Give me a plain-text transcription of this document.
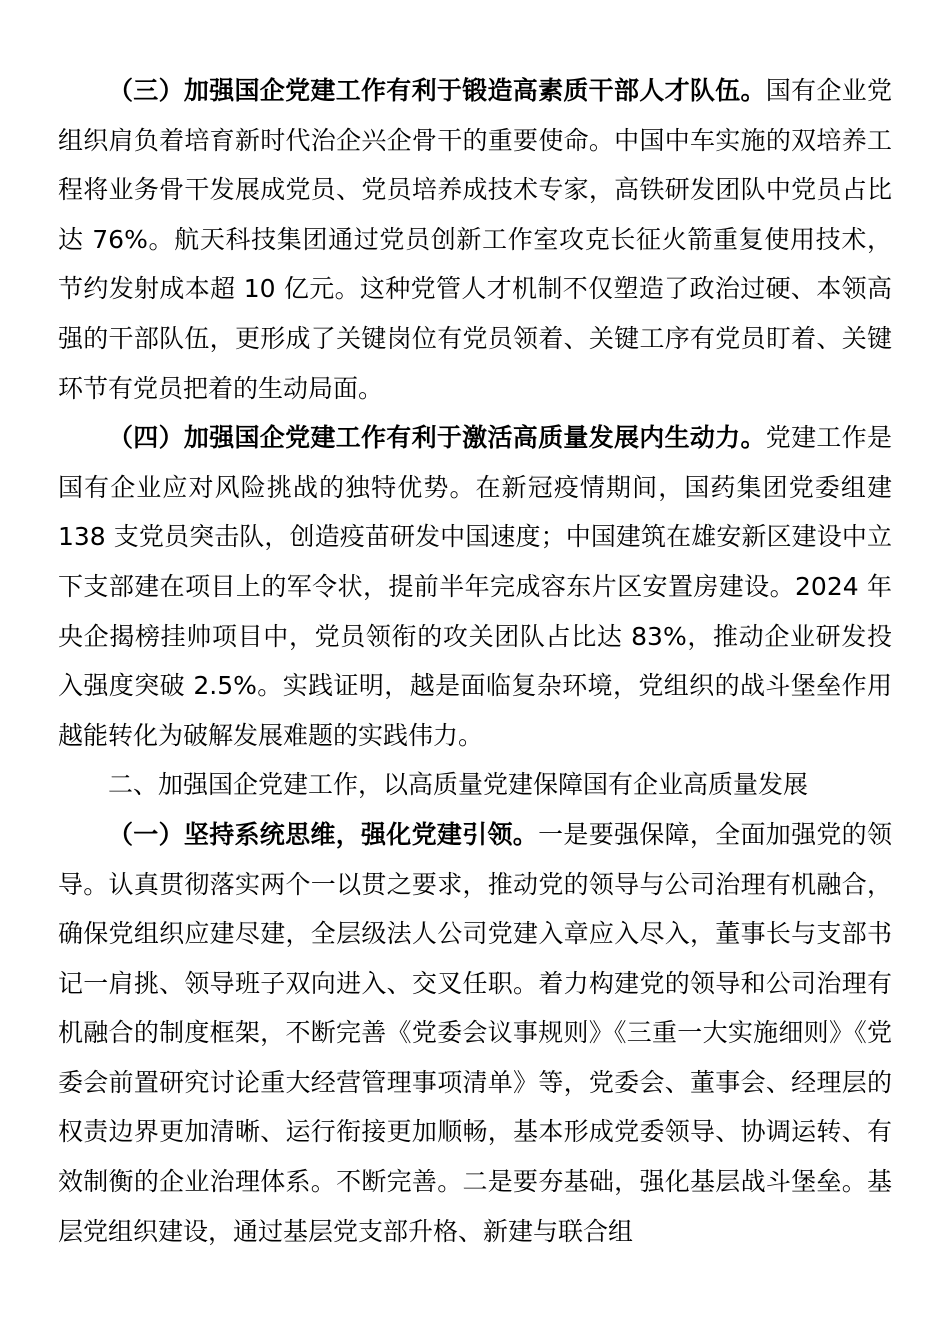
（三）加强国企党建工作有利于锻造高素质干部人才队伍。国有企业党组织肩负着培育新时代治企兴企骨干的重要使命。中国中车实施的双培养工程将业务骨干发展成党员、党员培养成技术专家，高铁研发团队中党员占比达 76%。航天科技集团通过党员创新工作室攻克长征火箭重复使用技术，节约发射成本超 10 亿元。这种党管人才机制不仅塑造了政治过硬、本领高强的干部队伍，更形成了关键岗位有党员领着、关键工序有党员盯着、关键环节有党员把着的生动局面。

（四）加强国企党建工作有利于激活高质量发展内生动力。党建工作是国有企业应对风险挑战的独特优势。在新冠疫情期间，国药集团党委组建 138 支党员突击队，创造疫苗研发中国速度；中国建筑在雄安新区建设中立下支部建在项目上的军令状，提前半年完成容东片区安置房建设。2024 年央企揭榜挂帅项目中，党员领衔的攻关团队占比达 83%，推动企业研发投入强度突破 2.5%。实践证明，越是面临复杂环境，党组织的战斗堡垒作用越能转化为破解发展难题的实践伟力。

二、加强国企党建工作，以高质量党建保障国有企业高质量发展

（一）坚持系统思维，强化党建引领。一是要强保障，全面加强党的领导。认真贯彻落实两个一以贯之要求，推动党的领导与公司治理有机融合，确保党组织应建尽建，全层级法人公司党建入章应入尽入，董事长与支部书记一肩挑、领导班子双向进入、交叉任职。着力构建党的领导和公司治理有机融合的制度框架，不断完善《党委会议事规则》《三重一大实施细则》《党委会前置研究讨论重大经营管理事项清单》等，党委会、董事会、经理层的权责边界更加清晰、运行衔接更加顺畅，基本形成党委领导、协调运转、有效制衡的企业治理体系。不断完善。二是要夯基础，强化基层战斗堡垒。基层党组织建设，通过基层党支部升格、新建与联合组
